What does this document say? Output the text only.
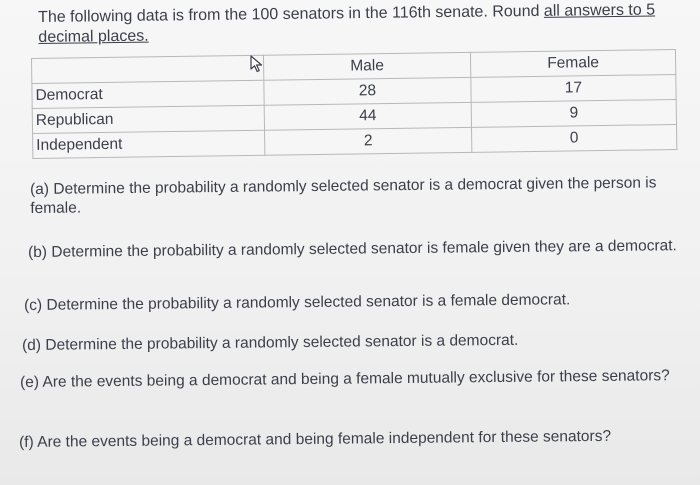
The following data is from the 100 senators in the 116th senate. Round all answers to 5 decimal places.
	Male	Female
Democrat	28	17
Republican	44	9
Independent	2	0
(a) Determine the probability a randomly selected senator is a democrat given the person is female.
(b) Determine the probability a randomly selected senator is female given they are a democrat.
(c) Determine the probability a randomly selected senator is a female democrat.
(d) Determine the probability a randomly selected senator is a democrat.
(e) Are the events being a democrat and being a female mutually exclusive for these senators?
(f) Are the events being a democrat and being female independent for these senators?
